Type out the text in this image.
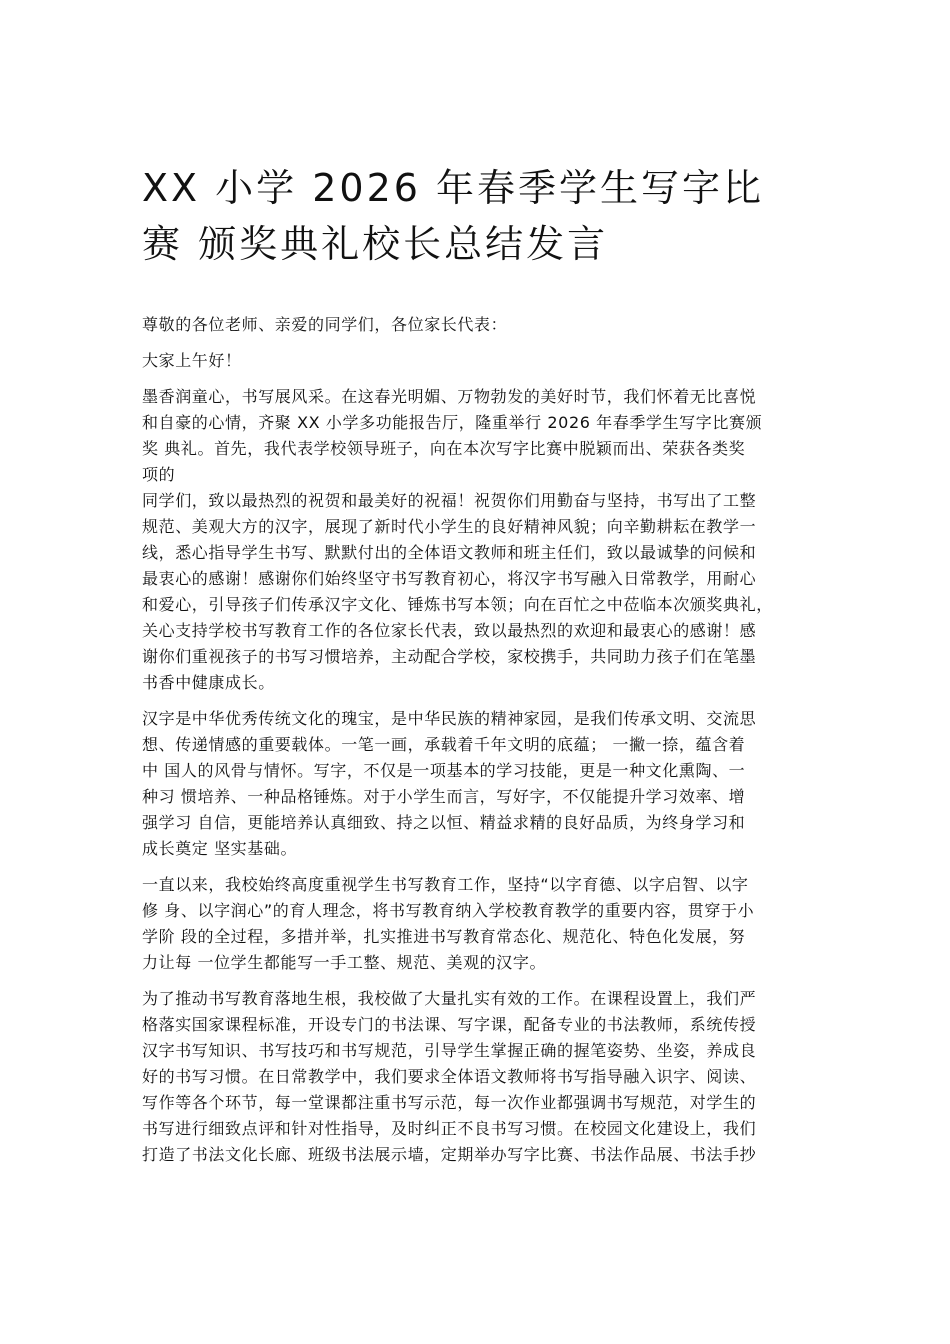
XX 小学 2026 年春季学生写字比
赛 颁奖典礼校长总结发言
尊敬的各位老师、亲爱的同学们，各位家长代表：
大家上午好！
墨香润童心，书写展风采。在这春光明媚、万物勃发的美好时节，我们怀着无比喜悦
和自豪的心情，齐聚 XX 小学多功能报告厅，隆重举行 2026 年春季学生写字比赛颁
奖 典礼。首先，我代表学校领导班子，向在本次写字比赛中脱颖而出、荣获各类奖
项的
同学们，致以最热烈的祝贺和最美好的祝福！祝贺你们用勤奋与坚持，书写出了工整
规范、美观大方的汉字，展现了新时代小学生的良好精神风貌；向辛勤耕耘在教学一
线，悉心指导学生书写、默默付出的全体语文教师和班主任们，致以最诚挚的问候和
最衷心的感谢！感谢你们始终坚守书写教育初心，将汉字书写融入日常教学，用耐心
和爱心，引导孩子们传承汉字文化、锤炼书写本领；向在百忙之中莅临本次颁奖典礼，
关心支持学校书写教育工作的各位家长代表，致以最热烈的欢迎和最衷心的感谢！感
谢你们重视孩子的书写习惯培养，主动配合学校，家校携手，共同助力孩子们在笔墨
书香中健康成长。
汉字是中华优秀传统文化的瑰宝，是中华民族的精神家园，是我们传承文明、交流思
想、传递情感的重要载体。一笔一画，承载着千年文明的底蕴； 一撇一捺，蕴含着
中 国人的风骨与情怀。写字，不仅是一项基本的学习技能，更是一种文化熏陶、一
种习 惯培养、一种品格锤炼。对于小学生而言，写好字，不仅能提升学习效率、增
强学习 自信，更能培养认真细致、持之以恒、精益求精的良好品质，为终身学习和
成长奠定 坚实基础。
一直以来，我校始终高度重视学生书写教育工作，坚持“以字育德、以字启智、以字
修 身、以字润心”的育人理念，将书写教育纳入学校教育教学的重要内容，贯穿于小
学阶 段的全过程，多措并举，扎实推进书写教育常态化、规范化、特色化发展，努
力让每 一位学生都能写一手工整、规范、美观的汉字。
为了推动书写教育落地生根，我校做了大量扎实有效的工作。在课程设置上，我们严
格落实国家课程标准，开设专门的书法课、写字课，配备专业的书法教师，系统传授
汉字书写知识、书写技巧和书写规范，引导学生掌握正确的握笔姿势、坐姿，养成良
好的书写习惯。在日常教学中，我们要求全体语文教师将书写指导融入识字、阅读、
写作等各个环节，每一堂课都注重书写示范，每一次作业都强调书写规范，对学生的
书写进行细致点评和针对性指导，及时纠正不良书写习惯。在校园文化建设上，我们
打造了书法文化长廊、班级书法展示墙，定期举办写字比赛、书法作品展、书法手抄
